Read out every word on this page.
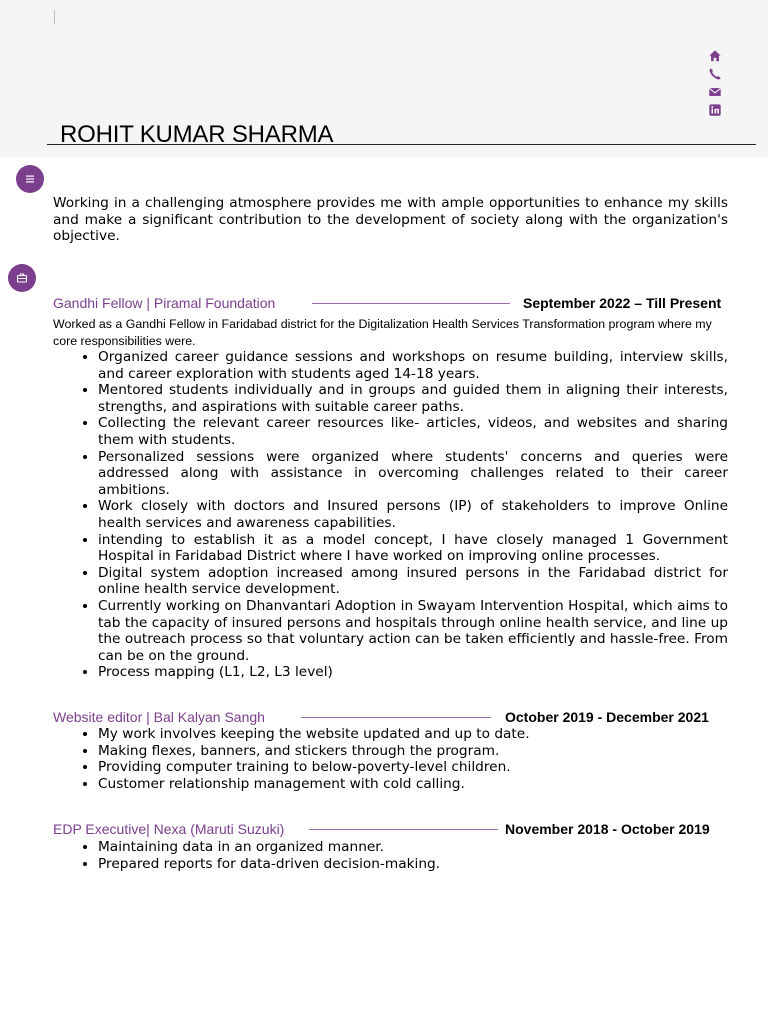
ROHIT KUMAR SHARMA
Working in a challenging atmosphere provides me with ample opportunities to enhance my skills and make a significant contribution to the development of society along with the organization's objective.
Gandhi Fellow | Piramal Foundation	September 2022 – Till Present
Worked as a Gandhi Fellow in Faridabad district for the Digitalization Health Services Transformation program where my core responsibilities were.
• Organized career guidance sessions and workshops on resume building, interview skills, and career exploration with students aged 14-18 years.
• Mentored students individually and in groups and guided them in aligning their interests, strengths, and aspirations with suitable career paths.
• Collecting the relevant career resources like- articles, videos, and websites and sharing them with students.
• Personalized sessions were organized where students' concerns and queries were addressed along with assistance in overcoming challenges related to their career ambitions.
• Work closely with doctors and Insured persons (IP) of stakeholders to improve Online health services and awareness capabilities.
• intending to establish it as a model concept, I have closely managed 1 Government Hospital in Faridabad District where I have worked on improving online processes.
• Digital system adoption increased among insured persons in the Faridabad district for online health service development.
• Currently working on Dhanvantari Adoption in Swayam Intervention Hospital, which aims to tab the capacity of insured persons and hospitals through online health service, and line up the outreach process so that voluntary action can be taken efficiently and hassle-free. From can be on the ground.
• Process mapping (L1, L2, L3 level)
Website editor | Bal Kalyan Sangh	October 2019 - December 2021
• My work involves keeping the website updated and up to date.
• Making flexes, banners, and stickers through the program.
• Providing computer training to below-poverty-level children.
• Customer relationship management with cold calling.
EDP Executive| Nexa (Maruti Suzuki)	November 2018 - October 2019
• Maintaining data in an organized manner.
• Prepared reports for data-driven decision-making.
